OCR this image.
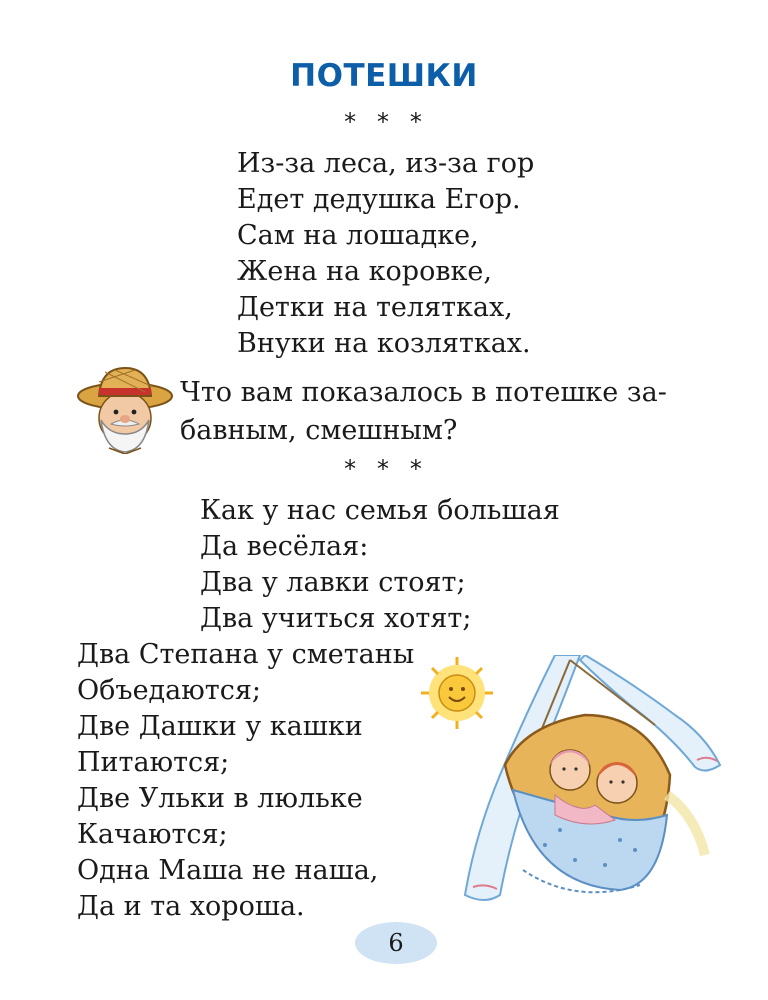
ПОТЕШКИ
* * *
Из-за леса, из-за гор
Едет дедушка Егор.
Сам на лошадке,
Жена на коровке,
Детки на телятках,
Внуки на козлятках.
Что вам показалось в потешке за-
бавным, смешным?
* * *
Как у нас семья большая
Да весёлая:
Два у лавки стоят;
Два учиться хотят;
Два Степана у сметаны
Объедаются;
Две Дашки у кашки
Питаются;
Две Ульки в люльке
Качаются;
Одна Маша не наша,
Да и та хороша.
6
